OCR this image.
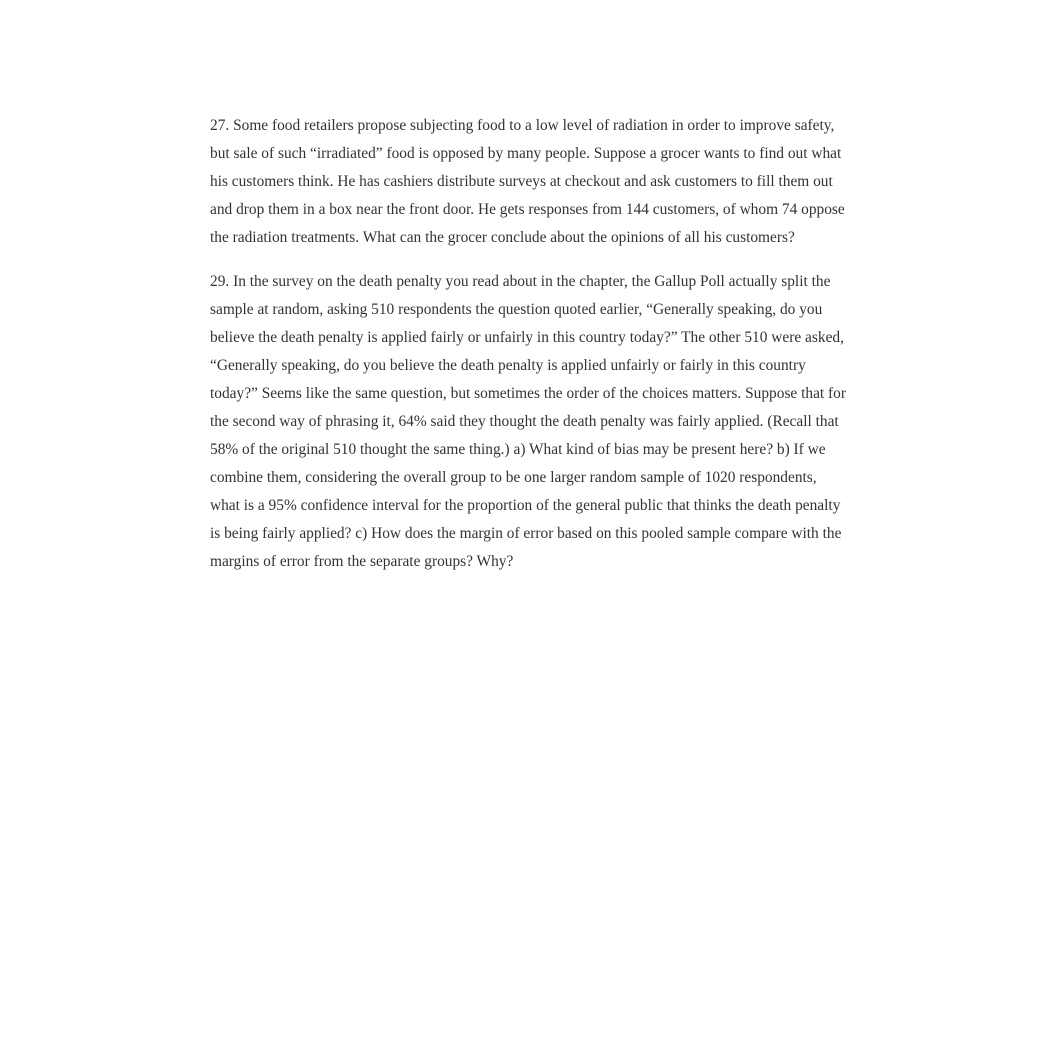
27. Some food retailers propose subjecting food to a low level of radiation in order to improve safety, but sale of such “irradiated” food is opposed by many people. Suppose a grocer wants to find out what his customers think. He has cashiers distribute surveys at checkout and ask customers to fill them out and drop them in a box near the front door. He gets responses from 144 customers, of whom 74 oppose the radiation treatments. What can the grocer conclude about the opinions of all his customers?

29. In the survey on the death penalty you read about in the chapter, the Gallup Poll actually split the sample at random, asking 510 respondents the question quoted earlier, “Generally speaking, do you believe the death penalty is applied fairly or unfairly in this country today?” The other 510 were asked, “Generally speaking, do you believe the death penalty is applied unfairly or fairly in this country today?” Seems like the same question, but sometimes the order of the choices matters. Suppose that for the second way of phrasing it, 64% said they thought the death penalty was fairly applied. (Recall that 58% of the original 510 thought the same thing.) a) What kind of bias may be present here? b) If we combine them, considering the overall group to be one larger random sample of 1020 respondents, what is a 95% confidence interval for the proportion of the general public that thinks the death penalty is being fairly applied? c) How does the margin of error based on this pooled sample compare with the margins of error from the separate groups? Why?
